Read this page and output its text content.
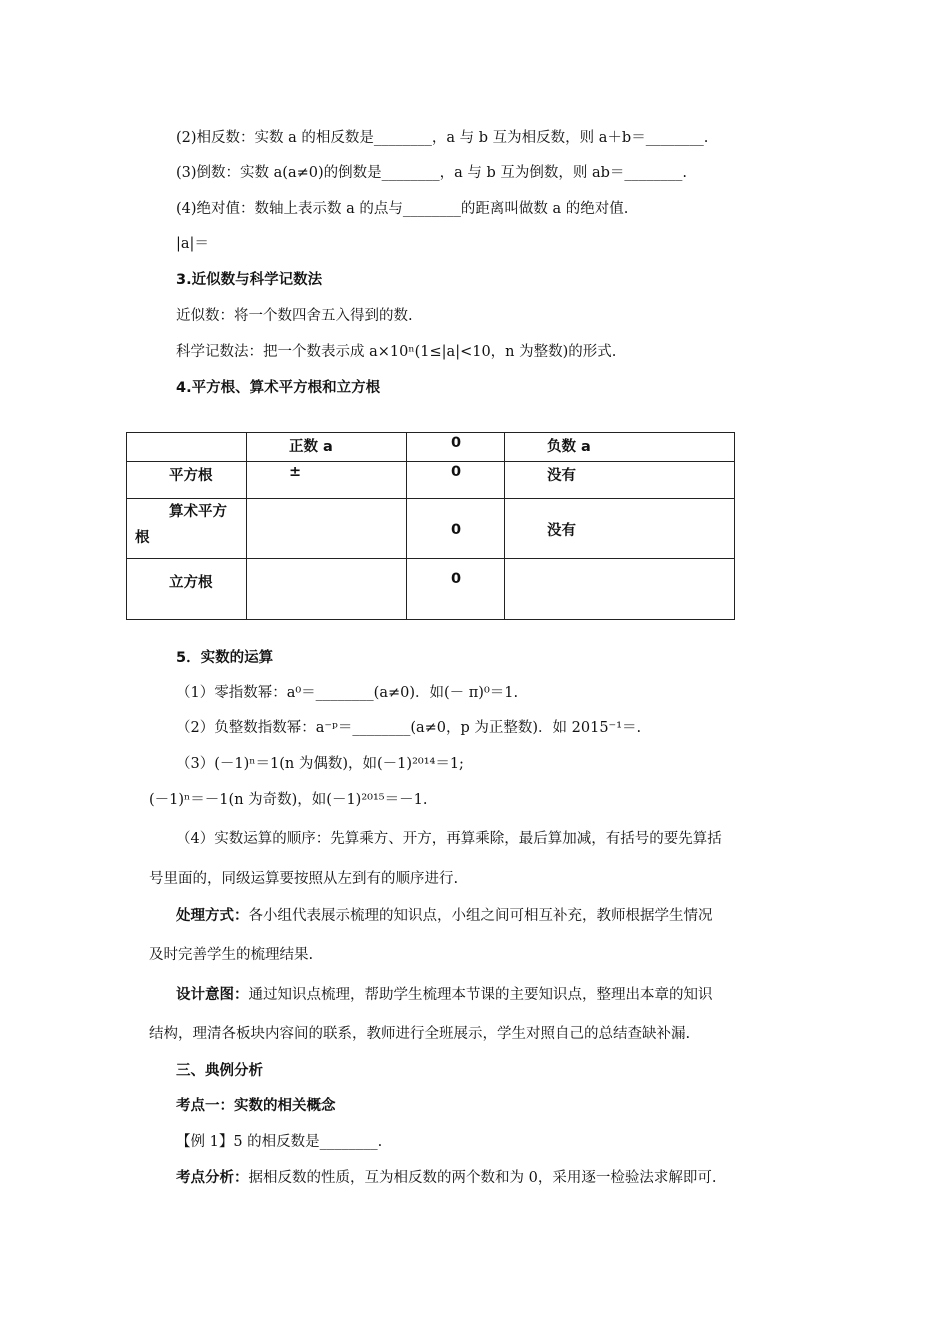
(2)相反数：实数 a 的相反数是________，a 与 b 互为相反数，则 a＋b＝________.
(3)倒数：实数 a(a≠0)的倒数是________，a 与 b 互为倒数，则 ab＝________.
(4)绝对值：数轴上表示数 a 的点与________的距离叫做数 a 的绝对值.
|a|＝
3.近似数与科学记数法
近似数：将一个数四舍五入得到的数.
科学记数法：把一个数表示成 a×10ⁿ(1≤|a|<10，n 为整数)的形式.
4.平方根、算术平方根和立方根

	正数 a	0	负数 a

平方根	±	0	没有

算术平方根		0	没有

立方根		0	

5．实数的运算
（1）零指数幂：a⁰＝________(a≠0)．如(－ π)⁰＝1.
（2）负整数指数幂：a⁻ᵖ＝________(a≠0，p 为正整数)．如 2015⁻¹＝.
（3）(－1)ⁿ＝1(n 为偶数)，如(－1)²⁰¹⁴＝1;
(－1)ⁿ＝－1(n 为奇数)，如(－1)²⁰¹⁵＝－1.
（4）实数运算的顺序：先算乘方、开方，再算乘除，最后算加减，有括号的要先算括
号里面的，同级运算要按照从左到有的顺序进行.
处理方式：各小组代表展示梳理的知识点，小组之间可相互补充，教师根据学生情况
及时完善学生的梳理结果.
设计意图：通过知识点梳理，帮助学生梳理本节课的主要知识点，整理出本章的知识
结构，理清各板块内容间的联系，教师进行全班展示，学生对照自己的总结查缺补漏.
三、典例分析
考点一：实数的相关概念
【例 1】5 的相反数是________.
考点分析：据相反数的性质，互为相反数的两个数和为 0，采用逐一检验法求解即可.
